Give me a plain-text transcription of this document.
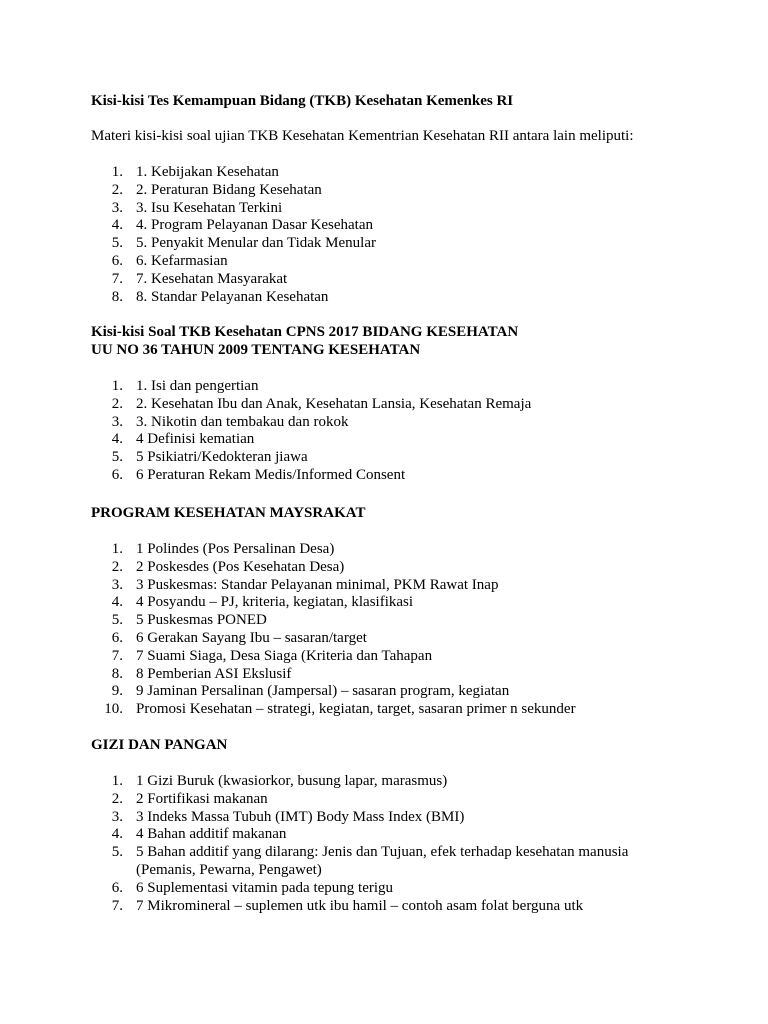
Kisi-kisi Tes Kemampuan Bidang (TKB) Kesehatan Kemenkes RI
Materi kisi-kisi soal ujian TKB Kesehatan Kementrian Kesehatan RII antara lain meliputi:
1. 1. Kebijakan Kesehatan
2. 2. Peraturan Bidang Kesehatan
3. 3. Isu Kesehatan Terkini
4. 4. Program Pelayanan Dasar Kesehatan
5. 5. Penyakit Menular dan Tidak Menular
6. 6. Kefarmasian
7. 7. Kesehatan Masyarakat
8. 8. Standar Pelayanan Kesehatan
Kisi-kisi Soal TKB Kesehatan CPNS 2017 BIDANG KESEHATAN
UU NO 36 TAHUN 2009 TENTANG KESEHATAN
1. 1. Isi dan pengertian
2. 2. Kesehatan Ibu dan Anak, Kesehatan Lansia, Kesehatan Remaja
3. 3. Nikotin dan tembakau dan rokok
4. 4 Definisi kematian
5. 5 Psikiatri/Kedokteran jiawa
6. 6 Peraturan Rekam Medis/Informed Consent
PROGRAM KESEHATAN MAYSRAKAT
1. 1 Polindes (Pos Persalinan Desa)
2. 2 Poskesdes (Pos Kesehatan Desa)
3. 3 Puskesmas: Standar Pelayanan minimal, PKM Rawat Inap
4. 4 Posyandu – PJ, kriteria, kegiatan, klasifikasi
5. 5 Puskesmas PONED
6. 6 Gerakan Sayang Ibu – sasaran/target
7. 7 Suami Siaga, Desa Siaga (Kriteria dan Tahapan
8. 8 Pemberian ASI Ekslusif
9. 9 Jaminan Persalinan (Jampersal) – sasaran program, kegiatan
10. Promosi Kesehatan – strategi, kegiatan, target, sasaran primer n sekunder
GIZI DAN PANGAN
1. 1 Gizi Buruk (kwasiorkor, busung lapar, marasmus)
2. 2 Fortifikasi makanan
3. 3 Indeks Massa Tubuh (IMT) Body Mass Index (BMI)
4. 4 Bahan additif makanan
5. 5 Bahan additif yang dilarang: Jenis dan Tujuan, efek terhadap kesehatan manusia
(Pemanis, Pewarna, Pengawet)
6. 6 Suplementasi vitamin pada tepung terigu
7. 7 Mikromineral – suplemen utk ibu hamil – contoh asam folat berguna utk
